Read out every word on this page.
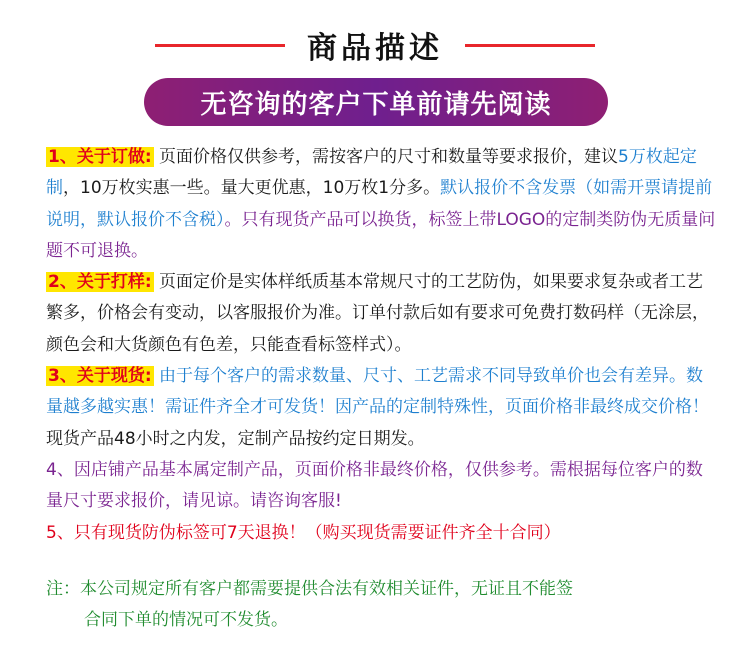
商品描述
无咨询的客户下单前请先阅读

1、关于订做: 页面价格仅供参考，需按客户的尺寸和数量等要求报价，建议5万枚起定制，10万枚实惠一些。量大更优惠，10万枚1分多。默认报价不含发票（如需开票请提前说明，默认报价不含税）。只有现货产品可以换货，标签上带LOGO的定制类防伪无质量问题不可退换。

2、关于打样: 页面定价是实体样纸质基本常规尺寸的工艺防伪，如果要求复杂或者工艺繁多，价格会有变动，以客服报价为准。订单付款后如有要求可免费打数码样（无涂层，颜色会和大货颜色有色差，只能查看标签样式）。

3、关于现货: 由于每个客户的需求数量、尺寸、工艺需求不同导致单价也会有差异。数量越多越实惠！需证件齐全才可发货！因产品的定制特殊性，页面价格非最终成交价格！现货产品48小时之内发，定制产品按约定日期发。

4、因店铺产品基本属定制产品，页面价格非最终价格，仅供参考。需根据每位客户的数量尺寸要求报价，请见谅。请咨询客服!

5、只有现货防伪标签可7天退换！（购买现货需要证件齐全十合同）

注：本公司规定所有客户都需要提供合法有效相关证件，无证且不能签
合同下单的情况可不发货。
